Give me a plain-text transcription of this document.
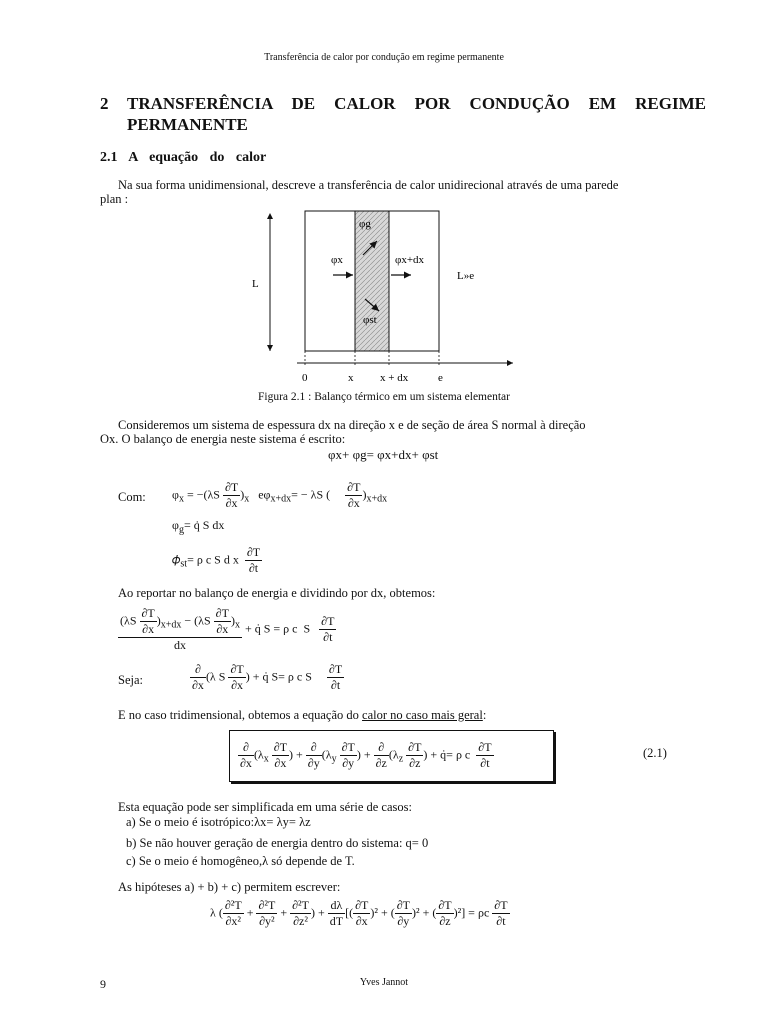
Transferência de calor por condução em regime permanente
2 TRANSFERÊNCIA DE CALOR POR CONDUÇÃO EM REGIME
PERMANENTE
2.1 A equação do calor
Na sua forma unidimensional, descreve a transferência de calor unidirecional através de uma parede
plan :
L
L»e
φg
φx	φx+dx
φst
0	x x + dx	e
Figura 2.1 : Balanço térmico em um sistema elementar
Consideremos um sistema de espessura dx na direção x e de seção de área S normal à direção
Ox. O balanço de energia neste sistema é escrito:
φx+ φg= φx+dx+ φst
Com: $\varphi_x = -(\lambda S \frac{\partial T}{\partial x} )_x$   $e\varphi_{x+dx}= - \lambda S$ ( $\frac{\partial T}{\partial x} )_{x+dx}$
$\varphi_g=$ q̇ S dx
𝜙$_{st}$= ρ c S d x $\frac{\partial T}{\partial t}$
Ao reportar no balanço de energia e dividindo por dx, obtemos:
$\frac{(\lambda S \frac{\partial T}{\partial x} )_{x+dx} - (\lambda S \frac{\partial T}{\partial x} )_x}{dx}$ + q̇ S = ρ c  S $\frac{\partial T}{\partial t}$
Seja:	$\frac{\partial}{\partial x} (\lambda$ S $\frac{\partial T}{\partial x}$ ) + q̇ S= ρ c S $\frac{\partial T}{\partial t}$
E no caso tridimensional, obtemos a equação do calor no caso mais geral:
$\frac{\partial}{\partial x} (\lambda_x \frac{\partial T}{\partial x}$ ) + $\frac{\partial}{\partial y} (\lambda_y \frac{\partial T}{\partial y}$ ) + $\frac{\partial}{\partial z} (\lambda_z \frac{\partial T}{\partial z}$ ) + q̇= ρ c $\frac{\partial T}{\partial t}$	(2.1)
Esta equação pode ser simplificada em uma série de casos:
a) Se o meio é isotrópico:λx= λy= λz
b) Se não houver geração de energia dentro do sistema: q= 0
c) Se o meio é homogêneo,λ só depende de T.
As hipóteses a) + b) + c) permitem escrever:
λ ( $\frac{\text{∂²T}}{\text{∂x²}} + \frac{\text{∂²T}}{\text{∂y²}} + \frac{\text{∂²T}}{\text{∂z²}}$ ) + $\frac{d\lambda}{dT}$ [( $\frac{\partial T}{\partial x} )^2$ + ( $\frac{\partial T}{\partial y} )^2$ + ( $\frac{\partial T}{\partial z} )^2] = \rho c \frac{\partial T}{\partial t}$
9	Yves Jannot
